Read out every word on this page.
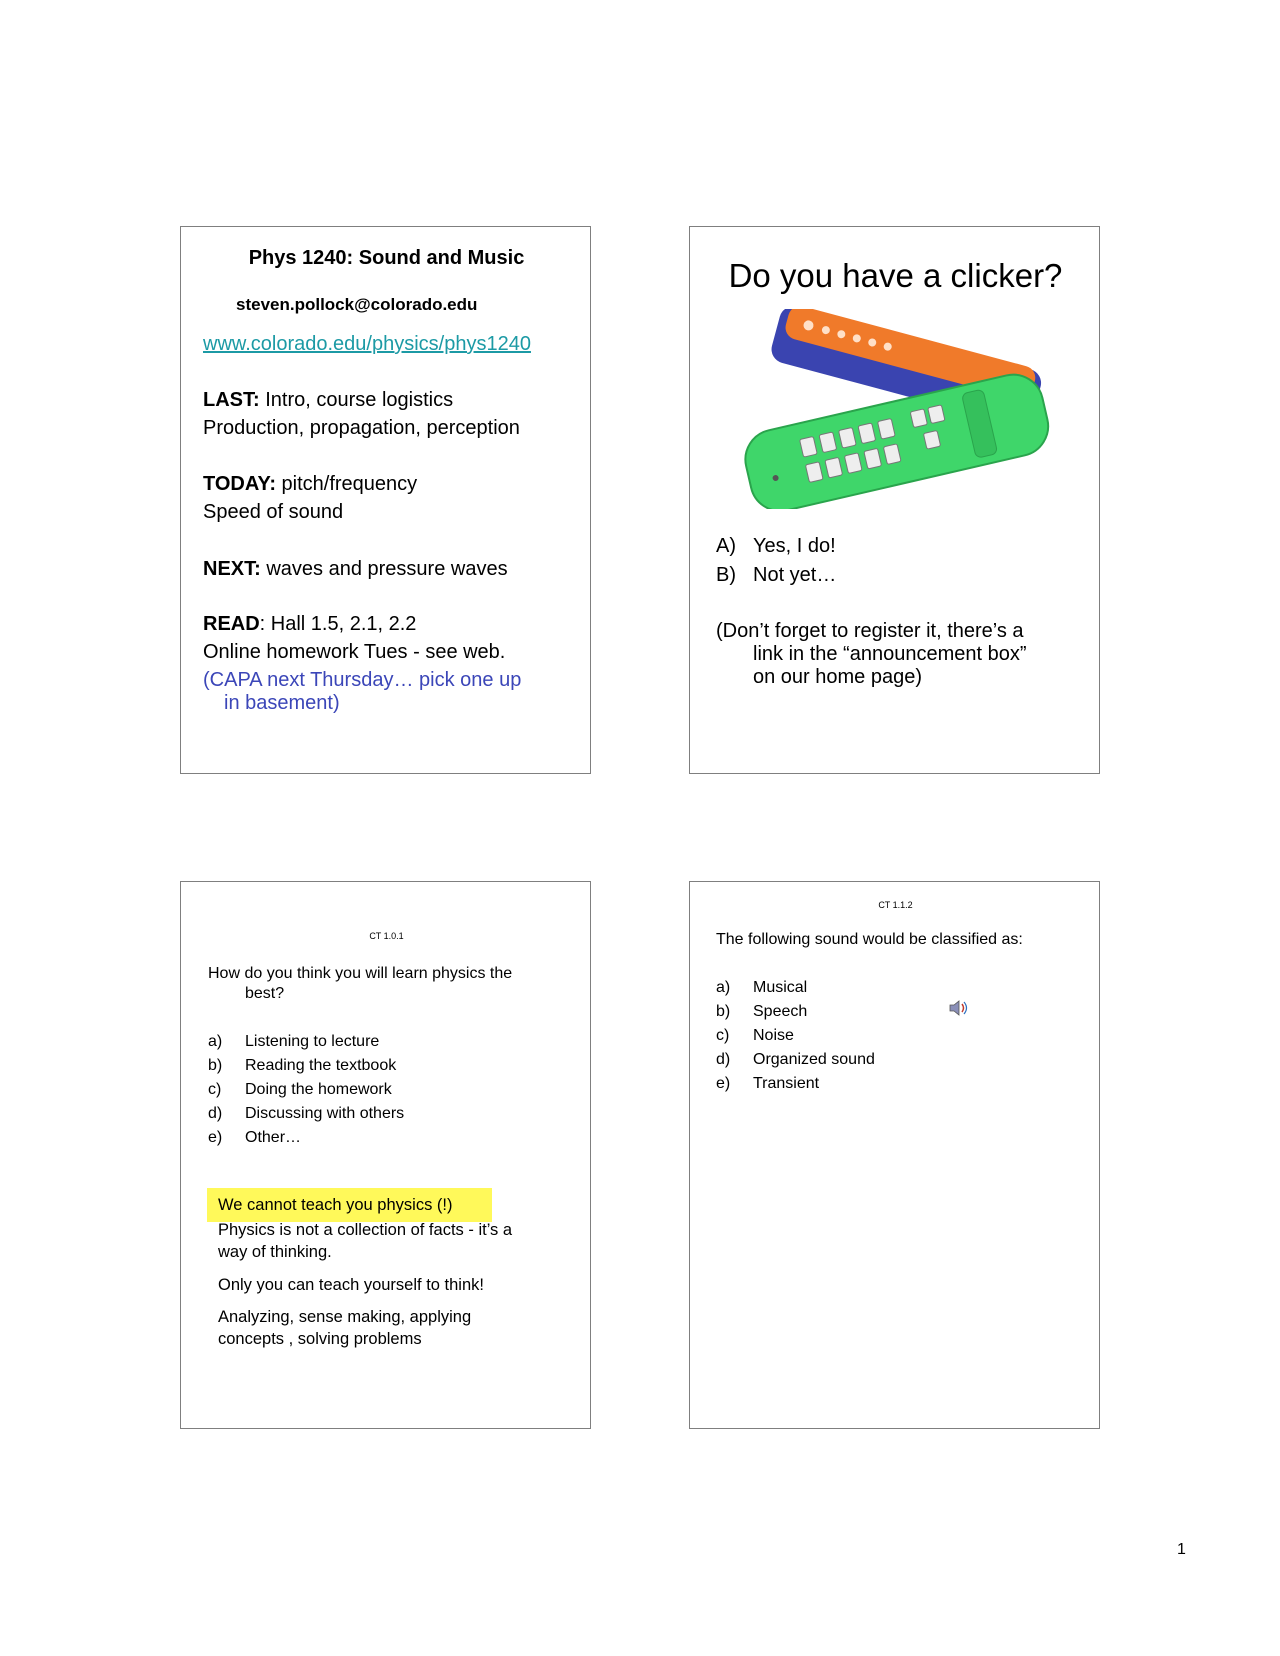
Phys 1240: Sound and Music
steven.pollock@colorado.edu
www.colorado.edu/physics/phys1240
LAST: Intro, course logistics
Production, propagation, perception
TODAY: pitch/frequency
Speed of sound
NEXT: waves and pressure waves
READ: Hall 1.5, 2.1, 2.2
Online homework Tues - see web.
(CAPA next Thursday… pick one up
in basement)
Do you have a clicker?
A) Yes, I do!
B) Not yet…
(Don’t forget to register it, there’s a
link in the “announcement box”
on our home page)
CT 1.0.1
How do you think you will learn physics the
best?
a) Listening to lecture
b) Reading the textbook
c) Doing the homework
d) Discussing with others
e) Other…
We cannot teach you physics (!)
Physics is not a collection of facts - it’s a
way of thinking.
Only you can teach yourself to think!
Analyzing, sense making, applying
concepts , solving problems
CT 1.1.2
The following sound would be classified as:
a) Musical
b) Speech
c) Noise
d) Organized sound
e) Transient
1
